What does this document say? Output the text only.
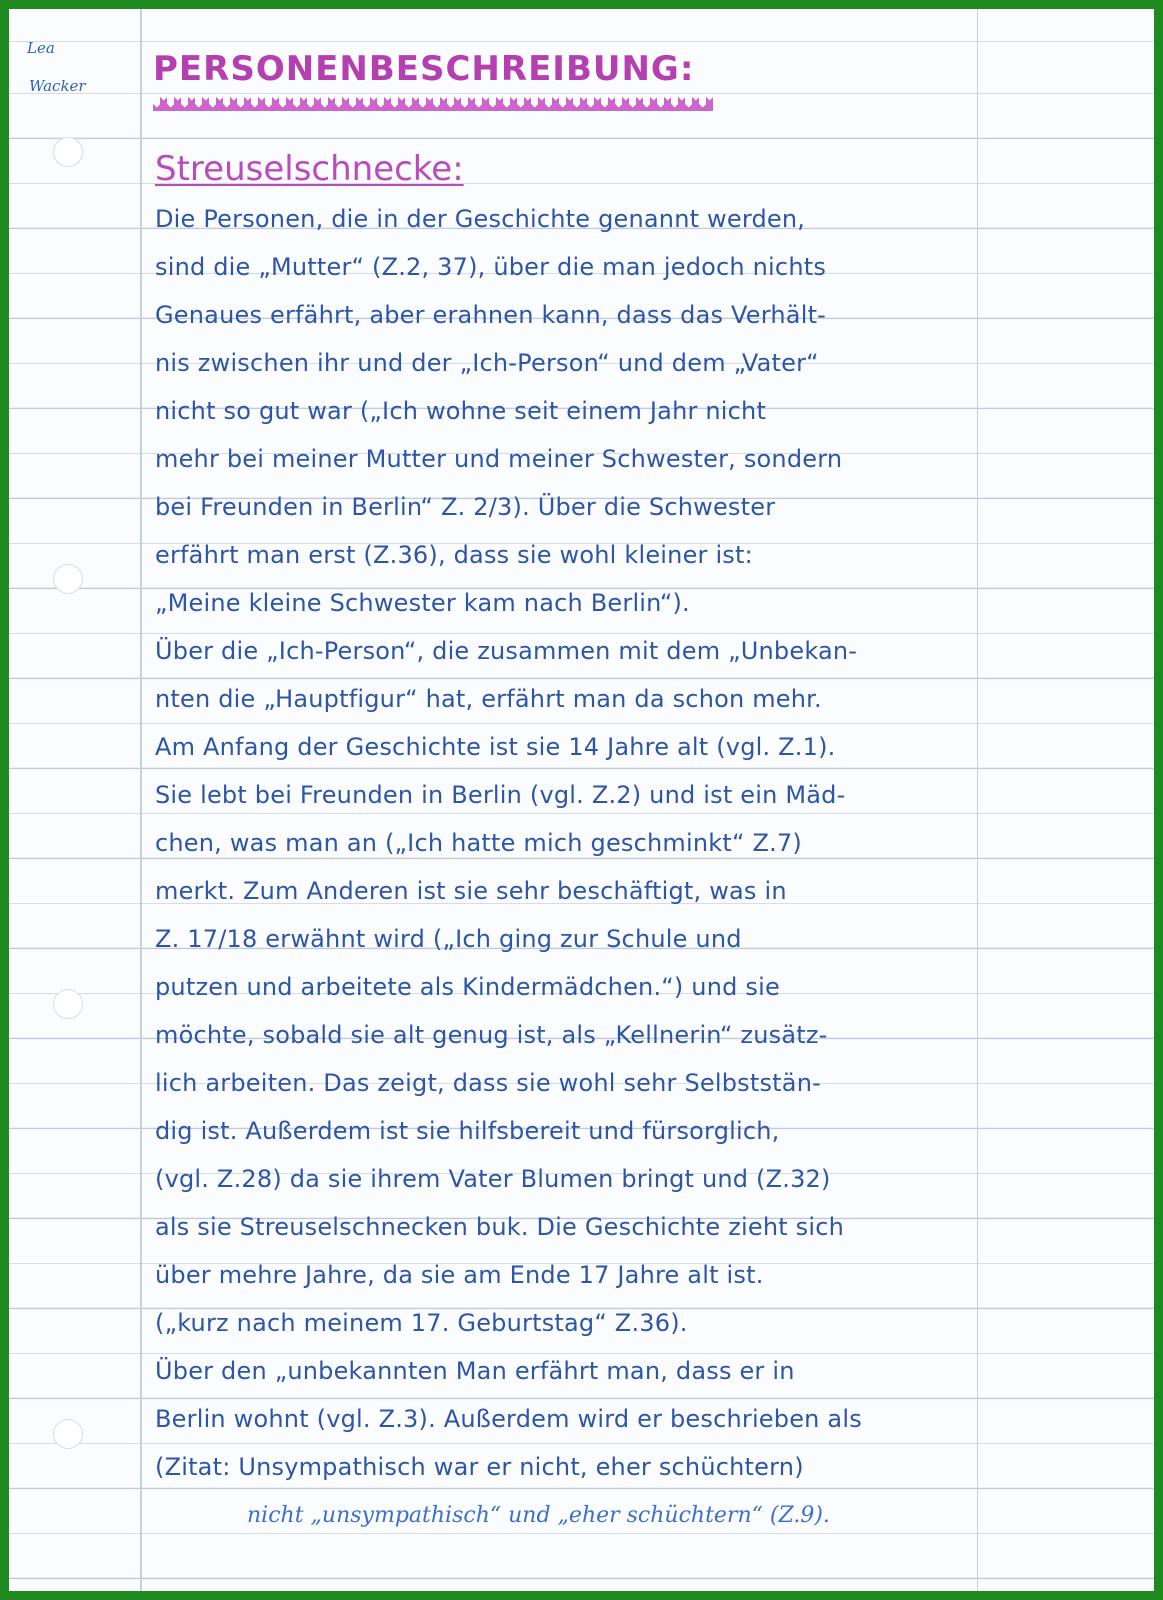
Lea
Wacker PERSONENBESCHREIBUNG:
Streuselschnecke:
Die Personen, die in der Geschichte genannt werden,
sind die „Mutter“ (Z.2, 37), über die man jedoch nichts
Genaues erfährt, aber erahnen kann, dass das Verhält-
nis zwischen ihr und der „Ich-Person“ und dem „Vater“
nicht so gut war („Ich wohne seit einem Jahr nicht
mehr bei meiner Mutter und meiner Schwester, sondern
bei Freunden in Berlin“ Z. 2/3). Über die Schwester
erfährt man erst (Z.36), dass sie wohl kleiner ist:
„Meine kleine Schwester kam nach Berlin“).
Über die „Ich-Person“, die zusammen mit dem „Unbekan-
nten die „Hauptfigur“ hat, erfährt man da schon mehr.
Am Anfang der Geschichte ist sie 14 Jahre alt (vgl. Z.1).
Sie lebt bei Freunden in Berlin (vgl. Z.2) und ist ein Mäd-
chen, was man an („Ich hatte mich geschminkt“ Z.7)
merkt. Zum Anderen ist sie sehr beschäftigt, was in
Z. 17/18 erwähnt wird („Ich ging zur Schule und
putzen und arbeitete als Kindermädchen.“) und sie
möchte, sobald sie alt genug ist, als „Kellnerin“ zusätz-
lich arbeiten. Das zeigt, dass sie wohl sehr Selbststän-
dig ist. Außerdem ist sie hilfsbereit und fürsorglich,
(vgl. Z.28) da sie ihrem Vater Blumen bringt und (Z.32)
als sie Streuselschnecken buk. Die Geschichte zieht sich
über mehre Jahre, da sie am Ende 17 Jahre alt ist.
(„kurz nach meinem 17. Geburtstag“ Z.36).
Über den „unbekannten Man erfährt man, dass er in
Berlin wohnt (vgl. Z.3). Außerdem wird er beschrieben als
(Zitat: Unsympathisch war er nicht, eher schüchtern)
nicht „unsympathisch“ und „eher schüchtern“ (Z.9).
